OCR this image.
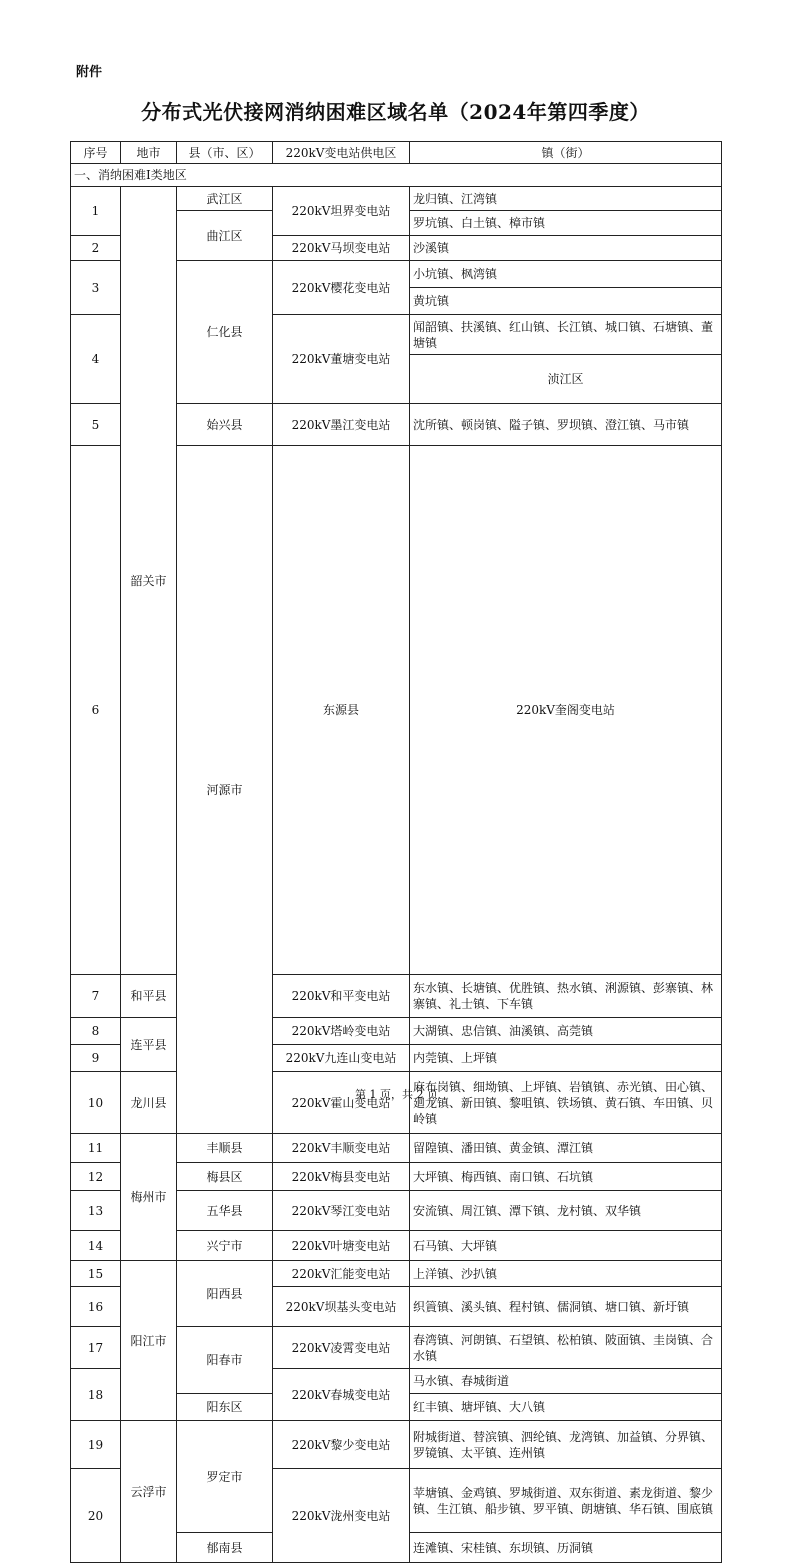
附件
分布式光伏接网消纳困难区域名单（2024年第四季度）
序号	地市	县（市、区）	220kV变电站供电区	镇（街）	
一、消纳困难I类地区					
1	韶关市	武江区	220kV坦界变电站	龙归镇、江湾镇	
		曲江区		罗坑镇、白土镇、樟市镇	
2			220kV马坝变电站	沙溪镇	
3		仁化县	220kV樱花变电站	小坑镇、枫湾镇	
				黄坑镇	
4			220kV董塘变电站	闻韶镇、扶溪镇、红山镇、长江镇、城口镇、石塘镇、董塘镇	
				浈江区	
5		始兴县	220kV墨江变电站	沈所镇、顿岗镇、隘子镇、罗坝镇、澄江镇、马市镇	
6		河源市	东源县	220kV奎阁变电站	
7	和平县		220kV和平变电站	东水镇、长塘镇、优胜镇、热水镇、浰源镇、彭寨镇、林寨镇、礼士镇、下车镇	
8	连平县		220kV塔岭变电站	大湖镇、忠信镇、油溪镇、高莞镇	
9			220kV九连山变电站	内莞镇、上坪镇	
10	龙川县		220kV霍山变电站	麻布岗镇、细坳镇、上坪镇、岩镇镇、赤光镇、田心镇、廻龙镇、新田镇、黎咀镇、铁场镇、黄石镇、车田镇、贝岭镇	
11	梅州市	丰顺县	220kV丰顺变电站	留隍镇、潘田镇、黄金镇、潭江镇	
12		梅县区	220kV梅县变电站	大坪镇、梅西镇、南口镇、石坑镇	
13		五华县	220kV琴江变电站	安流镇、周江镇、潭下镇、龙村镇、双华镇	
14		兴宁市	220kV叶塘变电站	石马镇、大坪镇	
15	阳江市	阳西县	220kV汇能变电站	上洋镇、沙扒镇	
16			220kV坝基头变电站	织篢镇、溪头镇、程村镇、儒洞镇、塘口镇、新圩镇	
17		阳春市	220kV凌霄变电站	春湾镇、河朗镇、石望镇、松柏镇、陂面镇、圭岗镇、合水镇	
18			220kV春城变电站	马水镇、春城街道	
		阳东区		红丰镇、塘坪镇、大八镇	
19	云浮市	罗定市	220kV黎少变电站	附城街道、替滨镇、泗纶镇、龙湾镇、加益镇、分界镇、罗镜镇、太平镇、连州镇	
20			220kV泷州变电站	苹塘镇、金鸡镇、罗城街道、双东街道、素龙街道、黎少镇、生江镇、船步镇、罗平镇、朗塘镇、华石镇、围底镇	
		郁南县		连滩镇、宋桂镇、东坝镇、历洞镇	
第 1 页，共 2 页
